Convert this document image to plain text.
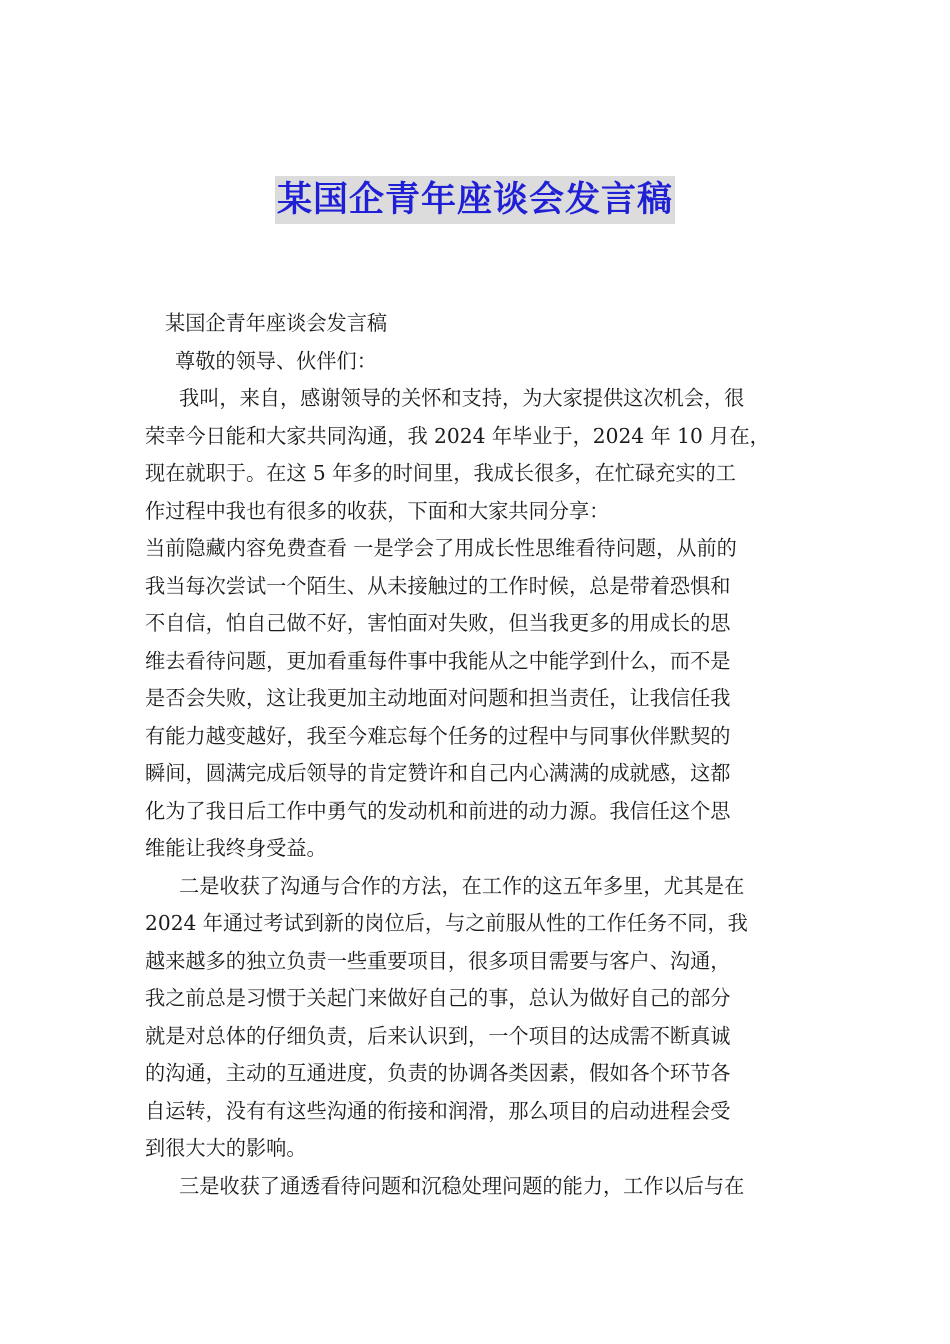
某国企青年座谈会发言稿
某国企青年座谈会发言稿
尊敬的领导、伙伴们：
我叫，来自，感谢领导的关怀和支持，为大家提供这次机会，很
荣幸今日能和大家共同沟通，我 2024 年毕业于，2024 年 10 月在，
现在就职于。在这 5 年多的时间里，我成长很多，在忙碌充实的工
作过程中我也有很多的收获，下面和大家共同分享：
当前隐藏内容免费查看 一是学会了用成长性思维看待问题，从前的
我当每次尝试一个陌生、从未接触过的工作时候，总是带着恐惧和
不自信，怕自己做不好，害怕面对失败，但当我更多的用成长的思
维去看待问题，更加看重每件事中我能从之中能学到什么，而不是
是否会失败，这让我更加主动地面对问题和担当责任，让我信任我
有能力越变越好，我至今难忘每个任务的过程中与同事伙伴默契的
瞬间，圆满完成后领导的肯定赞许和自己内心满满的成就感，这都
化为了我日后工作中勇气的发动机和前进的动力源。我信任这个思
维能让我终身受益。
二是收获了沟通与合作的方法，在工作的这五年多里，尤其是在
2024 年通过考试到新的岗位后，与之前服从性的工作任务不同，我
越来越多的独立负责一些重要项目，很多项目需要与客户、沟通，
我之前总是习惯于关起门来做好自己的事，总认为做好自己的部分
就是对总体的仔细负责，后来认识到，一个项目的达成需不断真诚
的沟通，主动的互通进度，负责的协调各类因素，假如各个环节各
自运转，没有有这些沟通的衔接和润滑，那么项目的启动进程会受
到很大大的影响。
三是收获了通透看待问题和沉稳处理问题的能力，工作以后与在
